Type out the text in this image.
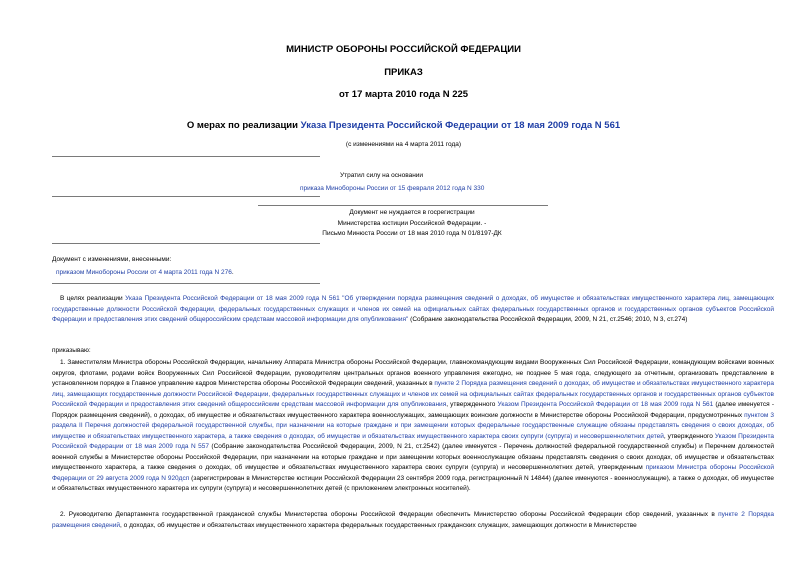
МИНИСТР ОБОРОНЫ РОССИЙСКОЙ ФЕДЕРАЦИИ
ПРИКАЗ
от 17 марта 2010 года N 225
О мерах по реализации Указа Президента Российской Федерации от 18 мая 2009 года N 561
(с изменениями на 4 марта 2011 года)
Утратил силу на основании
приказа Минобороны России от 15 февраля 2012 года N 330
Документ не нуждается в госрегистрации
Министерства юстиции Российской Федерации. -
Письмо Минюста России от 18 мая 2010 года N 01/8197-ДК
Документ с изменениями, внесенными:
приказом Минобороны России от 4 марта 2011 года N 276.
В целях реализации Указа Президента Российской Федерации от 18 мая 2009 года N 561 "Об утверждении порядка размещения сведений о доходах, об имуществе и обязательствах имущественного характера лиц, замещающих государственные должности Российской Федерации, федеральных государственных служащих и членов их семей на официальных сайтах федеральных государственных органов и государственных органов субъектов Российской Федерации и предоставления этих сведений общероссийским средствам массовой информации для опубликования" (Собрание законодательства Российской Федерации, 2009, N 21, ст.2546; 2010, N 3, ст.274)
приказываю:
1. Заместителям Министра обороны Российской Федерации, начальнику Аппарата Министра обороны Российской Федерации, главнокомандующим видами Вооруженных Сил Российской Федерации, командующим войсками военных округов, флотами, родами войск Вооруженных Сил Российской Федерации, руководителям центральных органов военного управления ежегодно, не позднее 5 мая года, следующего за отчетным, организовать представление в установленном порядке в Главное управление кадров Министерства обороны Российской Федерации сведений, указанных в пункте 2 Порядка размещения сведений о доходах, об имуществе и обязательствах имущественного характера лиц, замещающих государственные должности Российской Федерации, федеральных государственных служащих и членов их семей на официальных сайтах федеральных государственных органов и государственных органов субъектов Российской Федерации и предоставления этих сведений общероссийским средствам массовой информации для опубликования, утвержденного Указом Президента Российской Федерации от 18 мая 2009 года N 561 (далее именуется - Порядок размещения сведений), о доходах, об имуществе и обязательствах имущественного характера военнослужащих, замещающих воинские должности в Министерстве обороны Российской Федерации, предусмотренных пунктом 3 раздела II Перечня должностей федеральной государственной службы, при назначении на которые граждане и при замещении которых федеральные государственные служащие обязаны представлять сведения о своих доходах, об имуществе и обязательствах имущественного характера, а также сведения о доходах, об имуществе и обязательствах имущественного характера своих супруги (супруга) и несовершеннолетних детей, утвержденного Указом Президента Российской Федерации от 18 мая 2009 года N 557 (Собрание законодательства Российской Федерации, 2009, N 21, ст.2542) (далее именуется - Перечень должностей федеральной государственной службы) и Перечнем должностей военной службы в Министерстве обороны Российской Федерации, при назначении на которые граждане и при замещении которых военнослужащие обязаны представлять сведения о своих доходах, об имуществе и обязательствах имущественного характера, а также сведения о доходах, об имуществе и обязательствах имущественного характера своих супруги (супруга) и несовершеннолетних детей, утвержденным приказом Министра обороны Российской Федерации от 29 августа 2009 года N 920дсп (зарегистрирован в Министерстве юстиции Российской Федерации 23 сентября 2009 года, регистрационный N 14844) (далее именуются - военнослужащие), а также о доходах, об имуществе и обязательствах имущественного характера их супруги (супруга) и несовершеннолетних детей (с приложением электронных носителей).
2. Руководителю Департамента государственной гражданской службы Министерства обороны Российской Федерации обеспечить Министерство обороны Российской Федерации сбор сведений, указанных в пункте 2 Порядка размещения сведений, о доходах, об имуществе и обязательствах имущественного характера федеральных государственных гражданских служащих, замещающих должности в Министерстве
